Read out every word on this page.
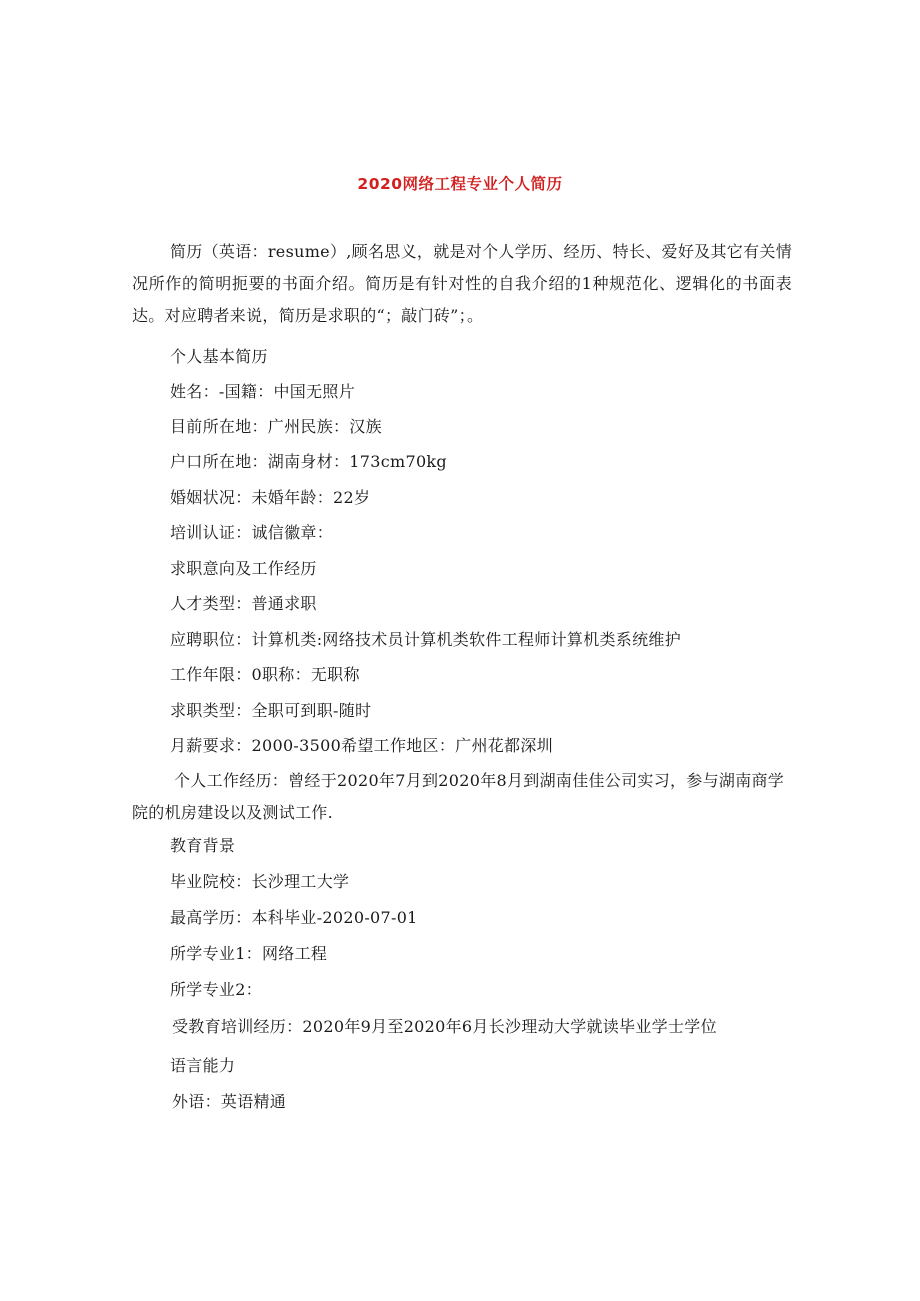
2020网络工程专业个人简历

简历（英语：resume）,顾名思义，就是对个人学历、经历、特长、爱好及其它有关情况所作的简明扼要的书面介绍。简历是有针对性的自我介绍的1种规范化、逻辑化的书面表达。对应聘者来说，简历是求职的“；敲门砖”；。

个人基本简历

姓名：-国籍：中国无照片

目前所在地：广州民族：汉族

户口所在地：湖南身材：173cm70kg

婚姻状况：未婚年龄：22岁

培训认证：诚信徽章：

求职意向及工作经历

人才类型：普通求职

应聘职位：计算机类:网络技术员计算机类软件工程师计算机类系统维护

工作年限：0职称：无职称

求职类型：全职可到职-随时

月薪要求：2000-3500希望工作地区：广州花都深圳

个人工作经历：曾经于2020年7月到2020年8月到湖南佳佳公司实习，参与湖南商学院的机房建设以及测试工作.

教育背景

毕业院校：长沙理工大学

最高学历：本科毕业-2020-07-01

所学专业1：网络工程

所学专业2：

受教育培训经历：2020年9月至2020年6月长沙理动大学就读毕业学士学位

语言能力

外语：英语精通
